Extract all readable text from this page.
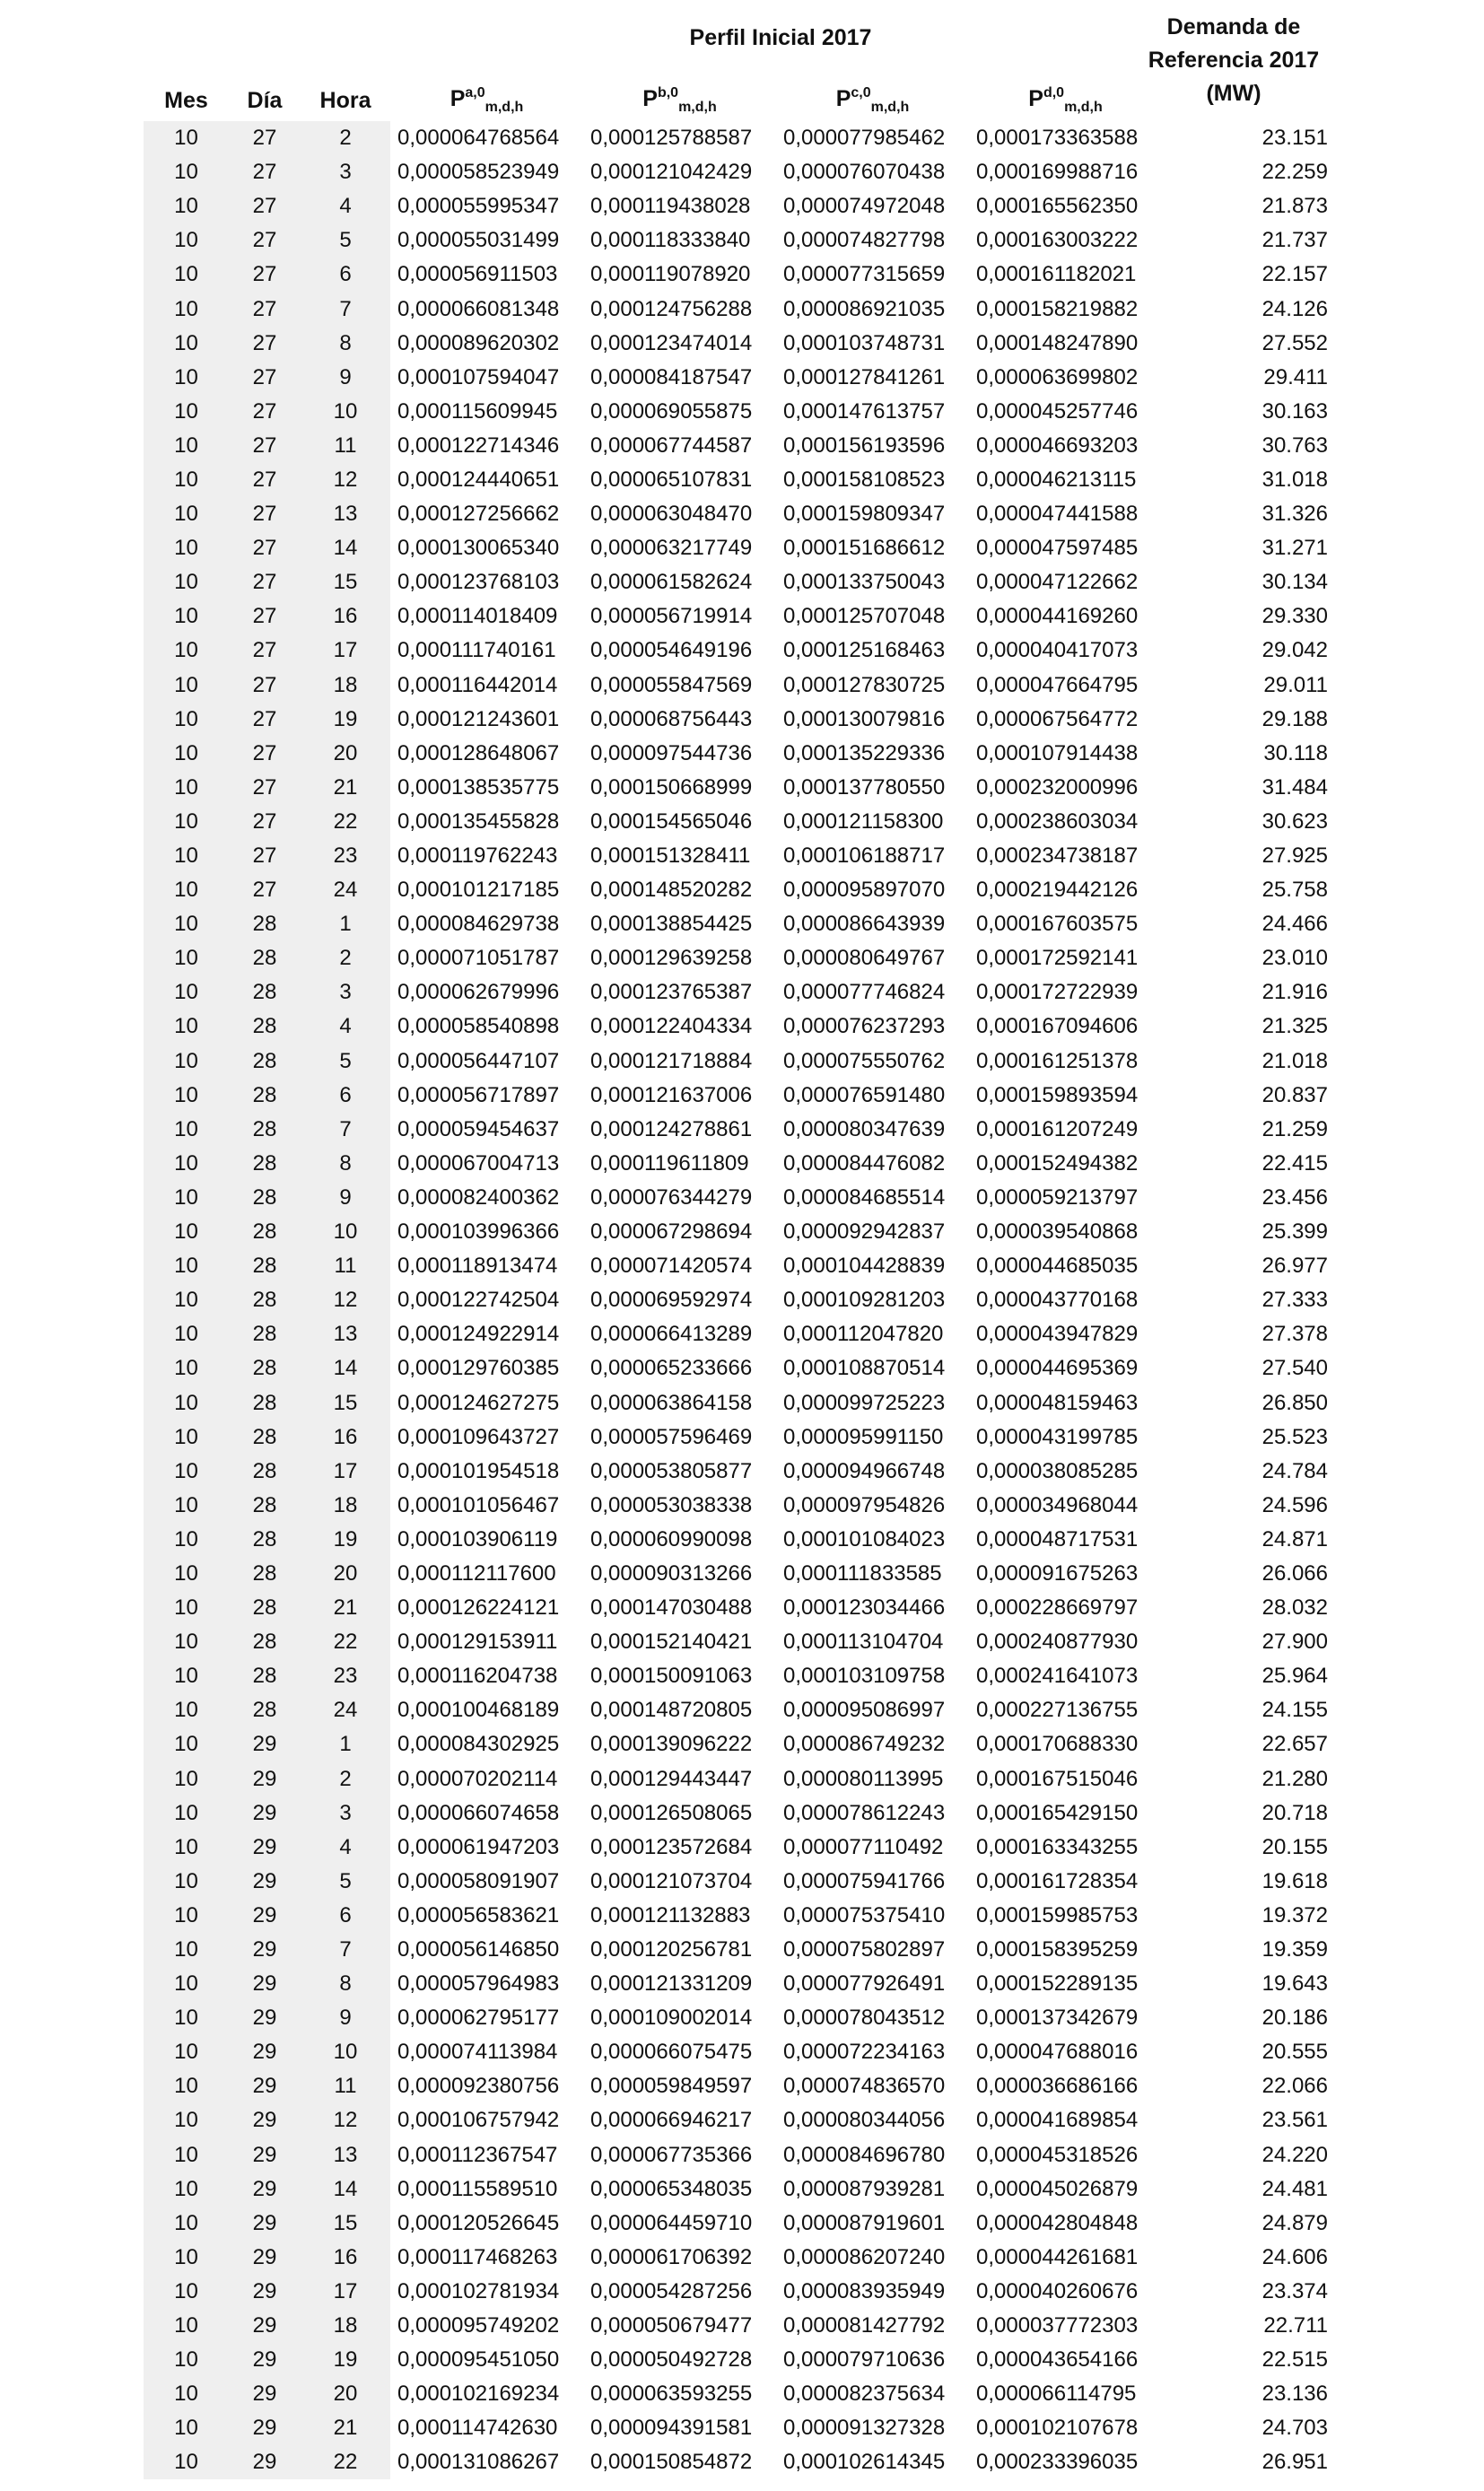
Perfil Inicial 2017	Demanda de
Referencia 2017
(MW)
Mes	Día	Hora	P$^{a,0}_{m,d,h}$	P$^{b,0}_{m,d,h}$	P$^{c,0}_{m,d,h}$	P$^{d,0}_{m,d,h}$
10	27	2	0,000064768564	0,000125788587	0,000077985462	0,000173363588	23.151
10	27	3	0,000058523949	0,000121042429	0,000076070438	0,000169988716	22.259
10	27	4	0,000055995347	0,000119438028	0,000074972048	0,000165562350	21.873
10	27	5	0,000055031499	0,000118333840	0,000074827798	0,000163003222	21.737
10	27	6	0,000056911503	0,000119078920	0,000077315659	0,000161182021	22.157
10	27	7	0,000066081348	0,000124756288	0,000086921035	0,000158219882	24.126
10	27	8	0,000089620302	0,000123474014	0,000103748731	0,000148247890	27.552
10	27	9	0,000107594047	0,000084187547	0,000127841261	0,000063699802	29.411
10	27	10	0,000115609945	0,000069055875	0,000147613757	0,000045257746	30.163
10	27	11	0,000122714346	0,000067744587	0,000156193596	0,000046693203	30.763
10	27	12	0,000124440651	0,000065107831	0,000158108523	0,000046213115	31.018
10	27	13	0,000127256662	0,000063048470	0,000159809347	0,000047441588	31.326
10	27	14	0,000130065340	0,000063217749	0,000151686612	0,000047597485	31.271
10	27	15	0,000123768103	0,000061582624	0,000133750043	0,000047122662	30.134
10	27	16	0,000114018409	0,000056719914	0,000125707048	0,000044169260	29.330
10	27	17	0,000111740161	0,000054649196	0,000125168463	0,000040417073	29.042
10	27	18	0,000116442014	0,000055847569	0,000127830725	0,000047664795	29.011
10	27	19	0,000121243601	0,000068756443	0,000130079816	0,000067564772	29.188
10	27	20	0,000128648067	0,000097544736	0,000135229336	0,000107914438	30.118
10	27	21	0,000138535775	0,000150668999	0,000137780550	0,000232000996	31.484
10	27	22	0,000135455828	0,000154565046	0,000121158300	0,000238603034	30.623
10	27	23	0,000119762243	0,000151328411	0,000106188717	0,000234738187	27.925
10	27	24	0,000101217185	0,000148520282	0,000095897070	0,000219442126	25.758
10	28	1	0,000084629738	0,000138854425	0,000086643939	0,000167603575	24.466
10	28	2	0,000071051787	0,000129639258	0,000080649767	0,000172592141	23.010
10	28	3	0,000062679996	0,000123765387	0,000077746824	0,000172722939	21.916
10	28	4	0,000058540898	0,000122404334	0,000076237293	0,000167094606	21.325
10	28	5	0,000056447107	0,000121718884	0,000075550762	0,000161251378	21.018
10	28	6	0,000056717897	0,000121637006	0,000076591480	0,000159893594	20.837
10	28	7	0,000059454637	0,000124278861	0,000080347639	0,000161207249	21.259
10	28	8	0,000067004713	0,000119611809	0,000084476082	0,000152494382	22.415
10	28	9	0,000082400362	0,000076344279	0,000084685514	0,000059213797	23.456
10	28	10	0,000103996366	0,000067298694	0,000092942837	0,000039540868	25.399
10	28	11	0,000118913474	0,000071420574	0,000104428839	0,000044685035	26.977
10	28	12	0,000122742504	0,000069592974	0,000109281203	0,000043770168	27.333
10	28	13	0,000124922914	0,000066413289	0,000112047820	0,000043947829	27.378
10	28	14	0,000129760385	0,000065233666	0,000108870514	0,000044695369	27.540
10	28	15	0,000124627275	0,000063864158	0,000099725223	0,000048159463	26.850
10	28	16	0,000109643727	0,000057596469	0,000095991150	0,000043199785	25.523
10	28	17	0,000101954518	0,000053805877	0,000094966748	0,000038085285	24.784
10	28	18	0,000101056467	0,000053038338	0,000097954826	0,000034968044	24.596
10	28	19	0,000103906119	0,000060990098	0,000101084023	0,000048717531	24.871
10	28	20	0,000112117600	0,000090313266	0,000111833585	0,000091675263	26.066
10	28	21	0,000126224121	0,000147030488	0,000123034466	0,000228669797	28.032
10	28	22	0,000129153911	0,000152140421	0,000113104704	0,000240877930	27.900
10	28	23	0,000116204738	0,000150091063	0,000103109758	0,000241641073	25.964
10	28	24	0,000100468189	0,000148720805	0,000095086997	0,000227136755	24.155
10	29	1	0,000084302925	0,000139096222	0,000086749232	0,000170688330	22.657
10	29	2	0,000070202114	0,000129443447	0,000080113995	0,000167515046	21.280
10	29	3	0,000066074658	0,000126508065	0,000078612243	0,000165429150	20.718
10	29	4	0,000061947203	0,000123572684	0,000077110492	0,000163343255	20.155
10	29	5	0,000058091907	0,000121073704	0,000075941766	0,000161728354	19.618
10	29	6	0,000056583621	0,000121132883	0,000075375410	0,000159985753	19.372
10	29	7	0,000056146850	0,000120256781	0,000075802897	0,000158395259	19.359
10	29	8	0,000057964983	0,000121331209	0,000077926491	0,000152289135	19.643
10	29	9	0,000062795177	0,000109002014	0,000078043512	0,000137342679	20.186
10	29	10	0,000074113984	0,000066075475	0,000072234163	0,000047688016	20.555
10	29	11	0,000092380756	0,000059849597	0,000074836570	0,000036686166	22.066
10	29	12	0,000106757942	0,000066946217	0,000080344056	0,000041689854	23.561
10	29	13	0,000112367547	0,000067735366	0,000084696780	0,000045318526	24.220
10	29	14	0,000115589510	0,000065348035	0,000087939281	0,000045026879	24.481
10	29	15	0,000120526645	0,000064459710	0,000087919601	0,000042804848	24.879
10	29	16	0,000117468263	0,000061706392	0,000086207240	0,000044261681	24.606
10	29	17	0,000102781934	0,000054287256	0,000083935949	0,000040260676	23.374
10	29	18	0,000095749202	0,000050679477	0,000081427792	0,000037772303	22.711
10	29	19	0,000095451050	0,000050492728	0,000079710636	0,000043654166	22.515
10	29	20	0,000102169234	0,000063593255	0,000082375634	0,000066114795	23.136
10	29	21	0,000114742630	0,000094391581	0,000091327328	0,000102107678	24.703
10	29	22	0,000131086267	0,000150854872	0,000102614345	0,000233396035	26.951
